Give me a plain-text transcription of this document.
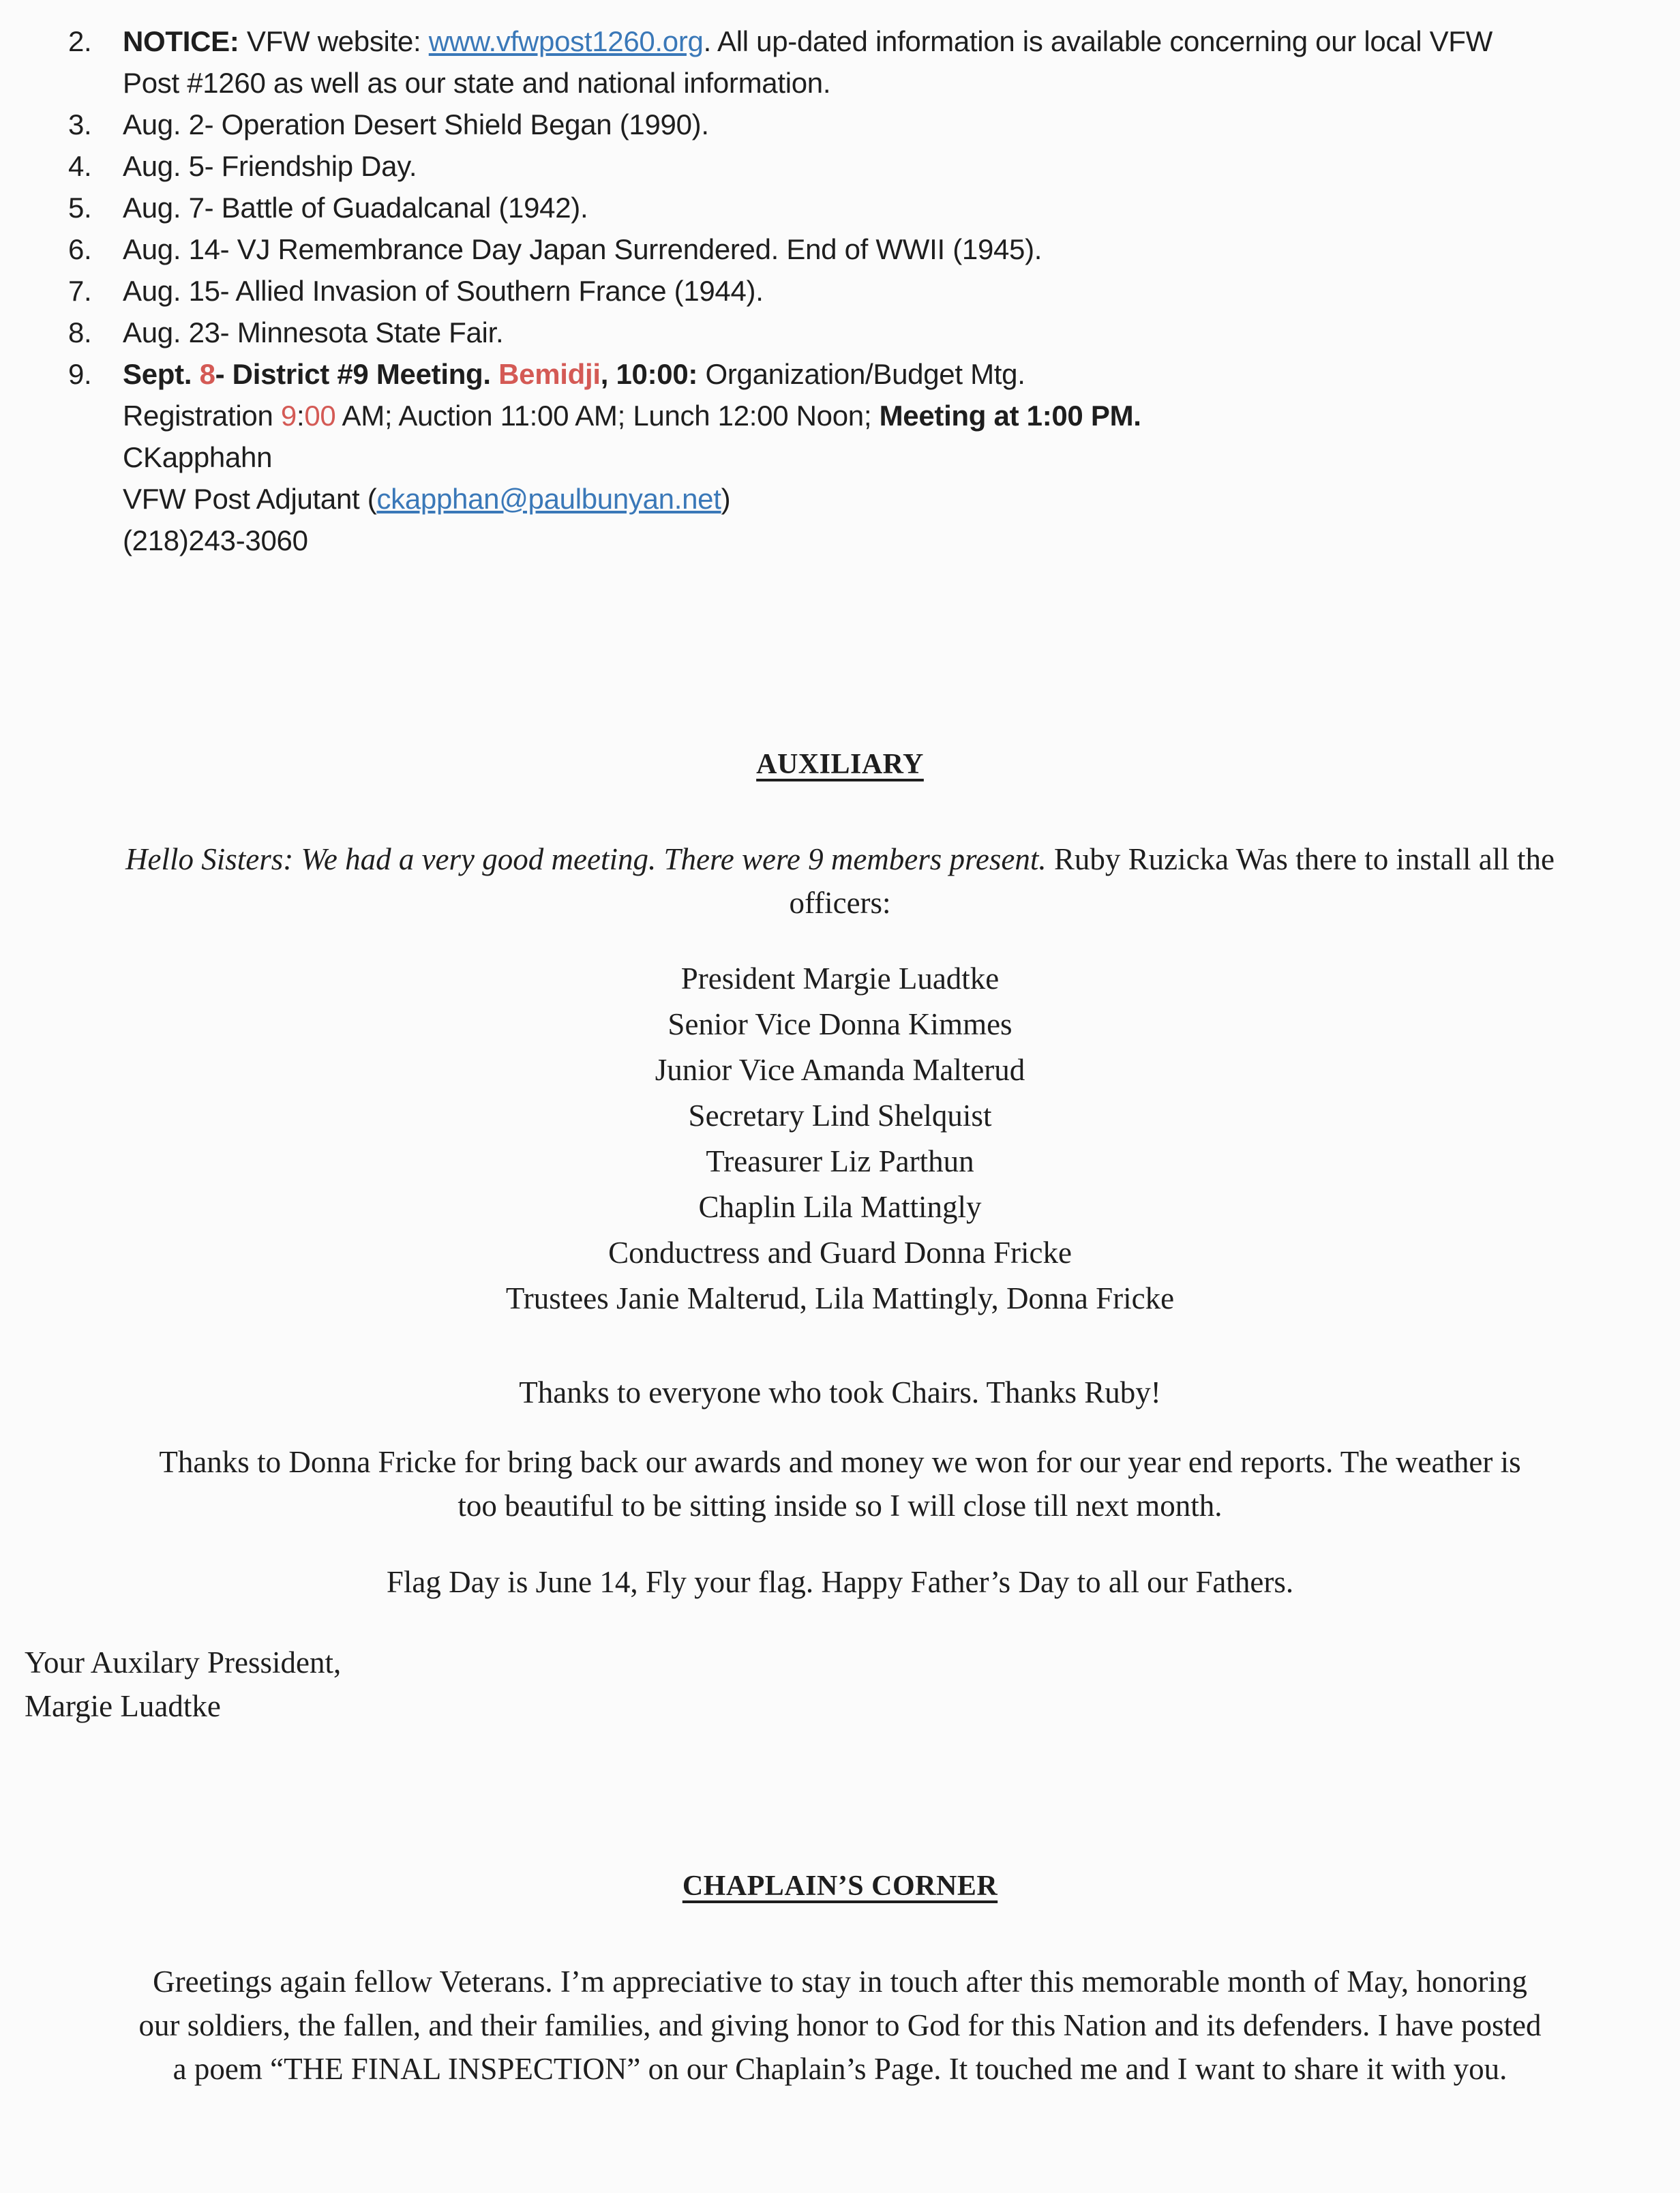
2. NOTICE: VFW website: www.vfwpost1260.org. All up-dated information is available concerning our local VFW
Post #1260 as well as our state and national information.
3. Aug. 2- Operation Desert Shield Began (1990).
4. Aug. 5- Friendship Day.
5. Aug. 7- Battle of Guadalcanal (1942).
6. Aug. 14- VJ Remembrance Day Japan Surrendered. End of WWII (1945).
7. Aug. 15- Allied Invasion of Southern France (1944).
8. Aug. 23- Minnesota State Fair.
9. Sept. 8- District #9 Meeting. Bemidji, 10:00: Organization/Budget Mtg.
Registration 9:00 AM; Auction 11:00 AM; Lunch 12:00 Noon; Meeting at 1:00 PM.
CKapphahn
VFW Post Adjutant (ckapphan@paulbunyan.net)
(218)243-3060
AUXILIARY
Hello Sisters: We had a very good meeting. There were 9 members present. Ruby Ruzicka Was there to install all the
officers:
President Margie Luadtke
Senior Vice Donna Kimmes
Junior Vice Amanda Malterud
Secretary Lind Shelquist
Treasurer Liz Parthun
Chaplin Lila Mattingly
Conductress and Guard Donna Fricke
Trustees Janie Malterud, Lila Mattingly, Donna Fricke
Thanks to everyone who took Chairs. Thanks Ruby!
Thanks to Donna Fricke for bring back our awards and money we won for our year end reports. The weather is
too beautiful to be sitting inside so I will close till next month.
Flag Day is June 14, Fly your flag. Happy Father’s Day to all our Fathers.
Your Auxilary Pressident,
Margie Luadtke
CHAPLAIN’S CORNER
Greetings again fellow Veterans. I’m appreciative to stay in touch after this memorable month of May, honoring
our soldiers, the fallen, and their families, and giving honor to God for this Nation and its defenders. I have posted
a poem “THE FINAL INSPECTION” on our Chaplain’s Page. It touched me and I want to share it with you.
